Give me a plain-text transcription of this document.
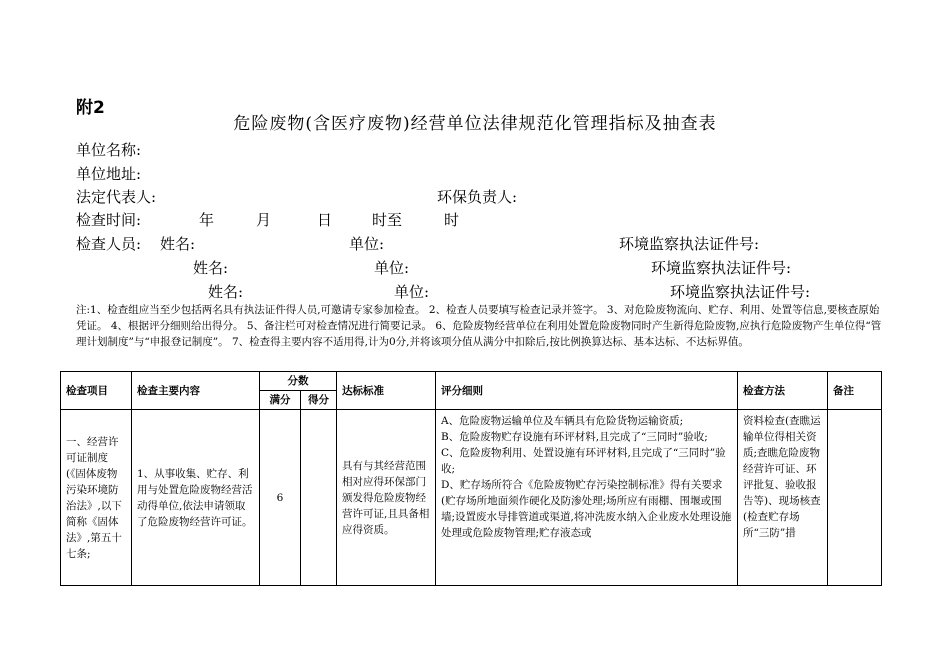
附2
危险废物(含医疗废物)经营单位法律规范化管理指标及抽查表
单位名称:
单位地址:
法定代表人:	环保负责人:
检查时间:	年	月	日	时至	时
检查人员: 姓名:	单位:	环境监察执法证件号:
姓名:	单位:	环境监察执法证件号:
姓名:	单位:	环境监察执法证件号:

注:1、检查组应当至少包括两名具有执法证件得人员,可邀请专家参加检查。 2、检查人员要填写检查记录并签字。 3、对危险废物流向、贮存、利用、处置等信息,要核查原始凭证。 4、根据评分细则给出得分。 5、备注栏可对检查情况进行简要记录。 6、危险废物经营单位在利用处置危险废物同时产生新得危险废物,应执行危险废物产生单位得“管理计划制度”与“申报登记制度”。 7、检查得主要内容不适用得,计为0分,并将该项分值从满分中扣除后,按比例换算达标、基本达标、不达标界值。

检查项目	检查主要内容	分数		达标标准	评分细则	检查方法	备注
		满分	得分				
一、经营许可证制度(《固体废物污染环境防治法》,以下简称《固体法》,第五十七条;	1、从事收集、贮存、利用与处置危险废物经营活动得单位,依法申请领取了危险废物经营许可证。	6		具有与其经营范围相对应得环保部门颁发得危险废物经营许可证,且具备相应得资质。	A、危险废物运输单位及车辆具有危险货物运输资质;
B、危险废物贮存设施有环评材料,且完成了“三同时”验收;
C、危险废物利用、处置设施有环评材料,且完成了“三同时”验收;
D、贮存场所符合《危险废物贮存污染控制标准》得有关要求(贮存场所地面须作硬化及防渗处理;场所应有雨棚、围堰或围墙;设置废水导排管道或渠道,将冲洗废水纳入企业废水处理设施处理或危险废物管理;贮存液态或	资料检查(查瞧运输单位得相关资质;查瞧危险废物经营许可证、环评批复、验收报告等)、现场核查(检查贮存场所“三防”措	
